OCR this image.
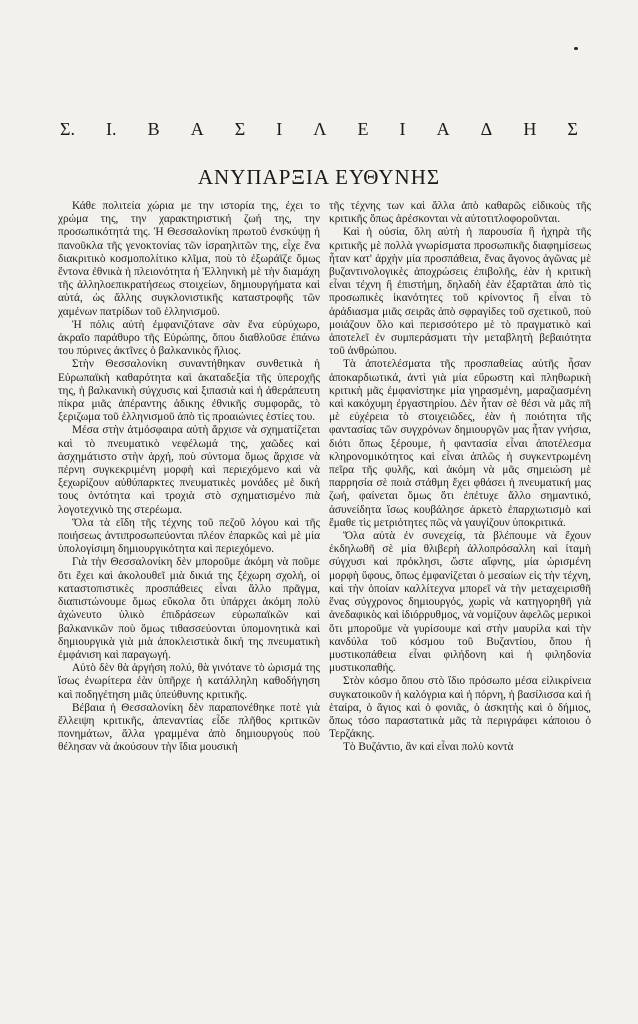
Σ. Ι. Β Α Σ Ι Λ Ε Ι Α Δ Η Σ
ΑΝΥΠΑΡΞΙΑ ΕΥΘΥΝΗΣ

Κάθε πολιτεία χώρια με την ιστορία της, έχει το χρώμα της, την χαρακτηριστική ζωή της, την προσωπικότητά της. Ἡ Θεσσαλονίκη πρωτοῦ ἐνσκύψῃ ἡ πανοῦκλα τῆς γενοκτονίας τῶν ἰσραηλιτῶν της, εἶχε ἕνα διακριτικὸ κοσμοπολίτικο κλῖμα, ποὺ τὸ ἐξωράϊζε ὅμως ἔντονα ἐθνικὰ ἡ πλειονότητα ἡ Ἑλληνικὴ μὲ τὴν διαμάχη τῆς ἀλληλοεπικρατήσεως στοιχείων, δημιουργήματα καὶ αὐτά, ὡς ἄλλης συγκλονιστικῆς καταστροφῆς τῶν χαμένων πατρίδων τοῦ ἑλληνισμοῦ.

Ἡ πόλις αὐτὴ ἐμφανιζότανε σὰν ἕνα εὐρύχωρο, ἀκραῖο παράθυρο τῆς Εὐρώπης, ὅπου διαθλοῦσε ἐπάνω του πύρινες ἀκτῖνες ὁ βαλκανικὸς ἥλιος.

Στὴν Θεσσαλονίκη συναντήθηκαν συνθετικὰ ἡ Εὐρωπαϊκὴ καθαρότητα καὶ ἀκαταδεξία τῆς ὑπεροχῆς της, ἡ βαλκανικὴ σύγχυσις καὶ ξιπασιὰ καὶ ἡ ἀθεράπευτη πίκρα μιᾶς ἀπέραντης ἀδικης ἐθνικῆς συμφορᾶς, τὸ ξεριζωμα τοῦ ἑλληνισμοῦ ἀπὸ τὶς προαιώνιες ἑστίες του.

Μέσα στὴν ἀτμόσφαιρα αὐτὴ ἄρχισε νὰ σχηματίζεται καὶ τὸ πνευματικὸ νεφέλωμά της, χαῶδες καὶ ἀσχημάτιστο στὴν ἀρχή, ποὺ σύντομα ὅμως ἄρχισε νὰ πέρνη συγκεκριμένη μορφὴ καὶ περιεχόμενο καὶ νὰ ξεχωρίζουν αὐθύπαρκτες πνευματικὲς μονάδες μὲ δική τους ὀντότητα καὶ τροχιὰ στὸ σχηματισμένο πιὰ λογοτεχνικὸ της στερέωμα.

Ὅλα τὰ εἴδη τῆς τέχνης τοῦ πεζοῦ λόγου καὶ τῆς ποιήσεως ἀντιπροσωπεύονται πλέον ἐπαρκῶς καὶ μὲ μία ὑπολογίσιμη δημιουργικότητα καὶ περιεχόμενο.

Γιὰ τὴν Θεσσαλονίκη δὲν μποροῦμε ἀκόμη νὰ ποῦμε ὅτι ἔχει καὶ ἀκολουθεῖ μιὰ δικιά της ξέχωρη σχολή, οἱ καταστοπιστικὲς προσπάθειες εἶναι ἄλλο πρᾶγμα, διαπιστώνουμε ὅμως εὔκολα ὅτι ὑπάρχει ἀκόμη πολὺ ἀχώνευτο ὑλικὸ ἐπιδράσεων εὐρωπαϊκῶν καὶ βαλκανικῶν ποὺ ὅμως τιθασσεύονται ὑπομονητικὰ καὶ δημιουργικὰ γιὰ μιὰ ἀποκλειστικὰ δική της πνευματικὴ ἐμφάνιση καὶ παραγωγή.

Αὐτὸ δὲν θὰ ἀργήση πολύ, θὰ γινότανε τὸ ὡρισμά της ἴσως ἐνωρίτερα ἐὰν ὑπῆρχε ἡ κατάλληλη καθοδήγηση καὶ ποδηγέτηση μιᾶς ὑπεύθυνης κριτικῆς.

Βέβαια ἡ Θεσσαλονίκη δὲν παραπονέθηκε ποτὲ γιὰ ἔλλειψη κριτικῆς, ἀπεναντίας εἶδε πλῆθος κριτικῶν πονημάτων, ἄλλα γραμμένα ἀπὸ δημιουργοὺς ποὺ θέλησαν νὰ ἀκούσουν τὴν ἴδια μουσικὴ

τῆς τέχνης των καὶ ἄλλα ἀπὸ καθαρῶς εἰδικοὺς τῆς κριτικῆς ὅπως ἀρέσκονται νὰ αὐτοτιτλοφοροῦνται.

Καὶ ἡ οὐσία, ὅλη αὐτὴ ἡ παρουσία ἢ ἠχηρὰ τῆς κριτικῆς μὲ πολλὰ γνωρίσματα προσωπικῆς διαφημίσεως ἦταν κατ' ἀρχὴν μία προσπάθεια, ἕνας ἄγονος ἀγῶνας μὲ βυζαντινολογικὲς ἀποχρώσεις ἐπιβολῆς, ἐὰν ἡ κριτικὴ εἶναι τέχνη ἢ ἐπιστήμη, δηλαδὴ ἐὰν ἐξαρτᾶται ἀπὸ τὶς προσωπικὲς ἱκανότητες τοῦ κρίνοντος ἢ εἶναι τὸ ἀράδιασμα μιᾶς σειρᾶς ἀπὸ σφραγίδες τοῦ σχετικοῦ, ποὺ μοιάζουν ὅλο καὶ περισσότερο μὲ τὸ πραγματικὸ καὶ ἀποτελεῖ ἐν συμπεράσματι τὴν μεταβλητὴ βεβαιότητα τοῦ ἀνθρώπου.

Τὰ ἀποτελέσματα τῆς προσπαθείας αὐτῆς ἦσαν ἀποκαρδιωτικά, ἀντὶ γιὰ μία εὔρωστη καὶ πληθωρικὴ κριτικὴ μᾶς ἐμφανίστηκε μία γηρασμένη, μαραζιασμένη καὶ κακόχυμη ἐργαστηρίου. Δὲν ἦταν σὲ θέσι νὰ μᾶς πῆ μὲ εὐχέρεια τὸ στοιχειῶδες, ἐὰν ἡ ποιότητα τῆς φαντασίας τῶν συγχρόνων δημιουργῶν μας ἦταν γνήσια, διότι ὅπως ξέρουμε, ἡ φαντασία εἶναι ἀποτέλεσμα κληρονομικότητος καὶ εἶναι ἁπλῶς ἡ συγκεντρωμένη πεῖρα τῆς φυλῆς, καὶ ἀκόμη νὰ μᾶς σημειώση μὲ παρρησία σὲ ποιὰ στάθμη ἔχει φθάσει ἡ πνευματική μας ζωή, φαίνεται ὅμως ὅτι ἐπέτυχε ἄλλο σημαντικό, ἀσυνείδητα ἴσως κουβάλησε ἀρκετὸ ἐπαρχιωτισμὸ καὶ ἔμαθε τὶς μετριότητες πῶς νὰ γαυγίζουν ὑποκριτικά.

Ὅλα αὐτὰ ἐν συνεχείᾳ, τὰ βλέπουμε νὰ ἔχουν ἐκδηλωθῆ σὲ μία θλιβερὴ ἀλλοπρόσαλλη καὶ ἰταμὴ σύγχυσι καὶ πρόκλησι, ὥστε αἴφνης, μία ὡρισμένη μορφὴ ὕφους, ὅπως ἐμφανίζεται ὁ μεσαίων εἰς τὴν τέχνη, καὶ τὴν ὁποίαν καλλίτεχνα μπορεῖ νὰ τὴν μεταχειρισθῆ ἕνας σύγχρονος δημιουργός, χωρὶς νὰ κατηγορηθῆ γιὰ ἀνεδαφικὸς καὶ ἰδιόρρυθμος, νὰ νομίζουν ἀφελῶς μερικοὶ ὅτι μποροῦμε νὰ γυρίσουμε καὶ στὴν μαυρίλα καὶ τὴν κανδύλα τοῦ κόσμου τοῦ Βυζαντίου, ὅπου ἡ μυστικοπάθεια εἶναι φιλήδονη καὶ ἡ φιληδονία μυστικοπαθής.

Στὸν κόσμο ὅπου στὸ ἴδιο πρόσωπο μέσα εἰλικρίνεια συγκατοικοῦν ἡ καλόγρια καὶ ἡ πόρνη, ἡ βασίλισσα καὶ ἡ ἑταίρα, ὁ ἅγιος καὶ ὁ φονιᾶς, ὁ ἀσκητὴς καὶ ὁ δήμιος, ὅπως τόσο παραστατικὰ μᾶς τὰ περιγράφει κάποιου ὁ Τερζάκης.

Τὸ Βυζάντιο, ἂν καὶ εἶναι πολὺ κοντὰ
